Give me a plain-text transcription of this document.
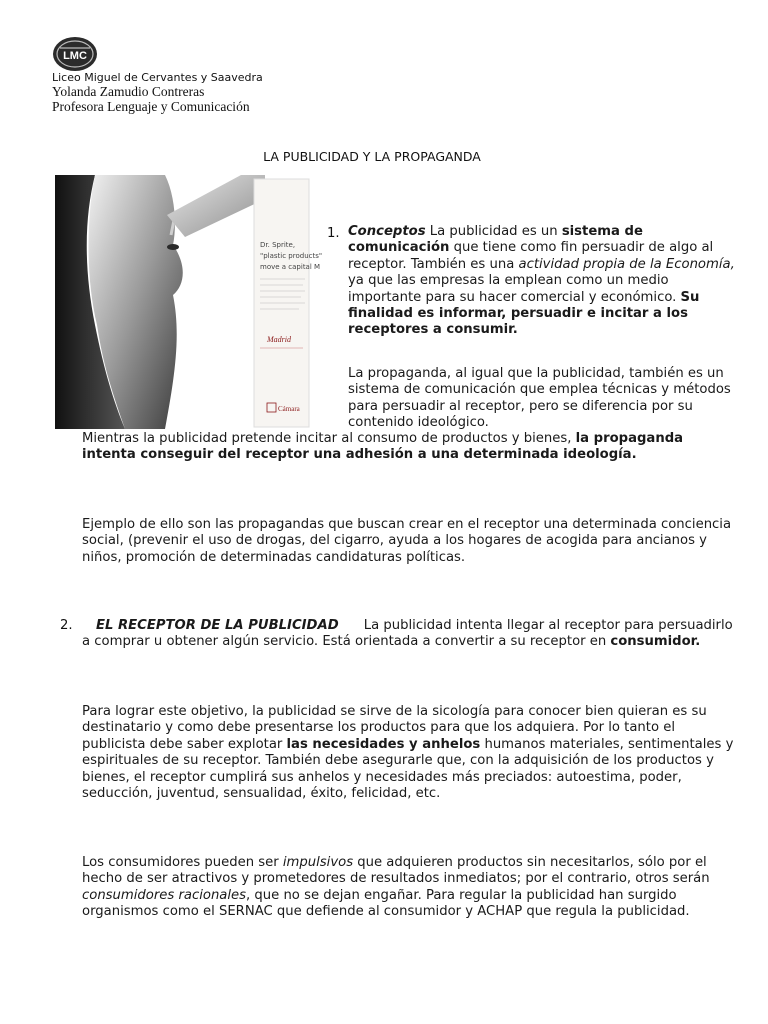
LMC
Liceo Miguel de Cervantes y Saavedra
Yolanda Zamudio Contreras
Profesora Lenguaje y Comunicación
LA PUBLICIDAD Y LA PROPAGANDA
Dr. Sprite,
"plastic products"
move a capital M
Madrid
Cámara
1. Conceptos La publicidad es un sistema de comunicación que tiene como fin persuadir de algo al receptor. También es una actividad propia de la Economía, ya que las empresas la emplean como un medio importante para su hacer comercial y económico. Su finalidad es informar, persuadir e incitar a los receptores a consumir.
La propaganda, al igual que la publicidad, también es un sistema de comunicación que emplea técnicas y métodos para persuadir al receptor, pero se diferencia por su contenido ideológico.
Mientras la publicidad pretende incitar al consumo de productos y bienes, la propaganda intenta conseguir del receptor una adhesión a una determinada ideología.
Ejemplo de ello son las propagandas que buscan crear en el receptor una determinada conciencia social, (prevenir el uso de drogas, del cigarro, ayuda a los hogares de acogida para ancianos y niños, promoción de determinadas candidaturas políticas.
2.	EL RECEPTOR DE LA PUBLICIDAD La publicidad intenta llegar al receptor para persuadirlo a comprar u obtener algún servicio. Está orientada a convertir a su receptor en consumidor.
Para lograr este objetivo, la publicidad se sirve de la sicología para conocer bien quieran es su destinatario y como debe presentarse los productos para que los adquiera. Por lo tanto el publicista debe saber explotar las necesidades y anhelos humanos materiales, sentimentales y espirituales de su receptor. También debe asegurarle que, con la adquisición de los productos y bienes, el receptor cumplirá sus anhelos y necesidades más preciados: autoestima, poder, seducción, juventud, sensualidad, éxito, felicidad, etc.
Los consumidores pueden ser impulsivos que adquieren productos sin necesitarlos, sólo por el hecho de ser atractivos y prometedores de resultados inmediatos; por el contrario, otros serán consumidores racionales, que no se dejan engañar. Para regular la publicidad han surgido organismos como el SERNAC que defiende al consumidor y ACHAP que regula la publicidad.
